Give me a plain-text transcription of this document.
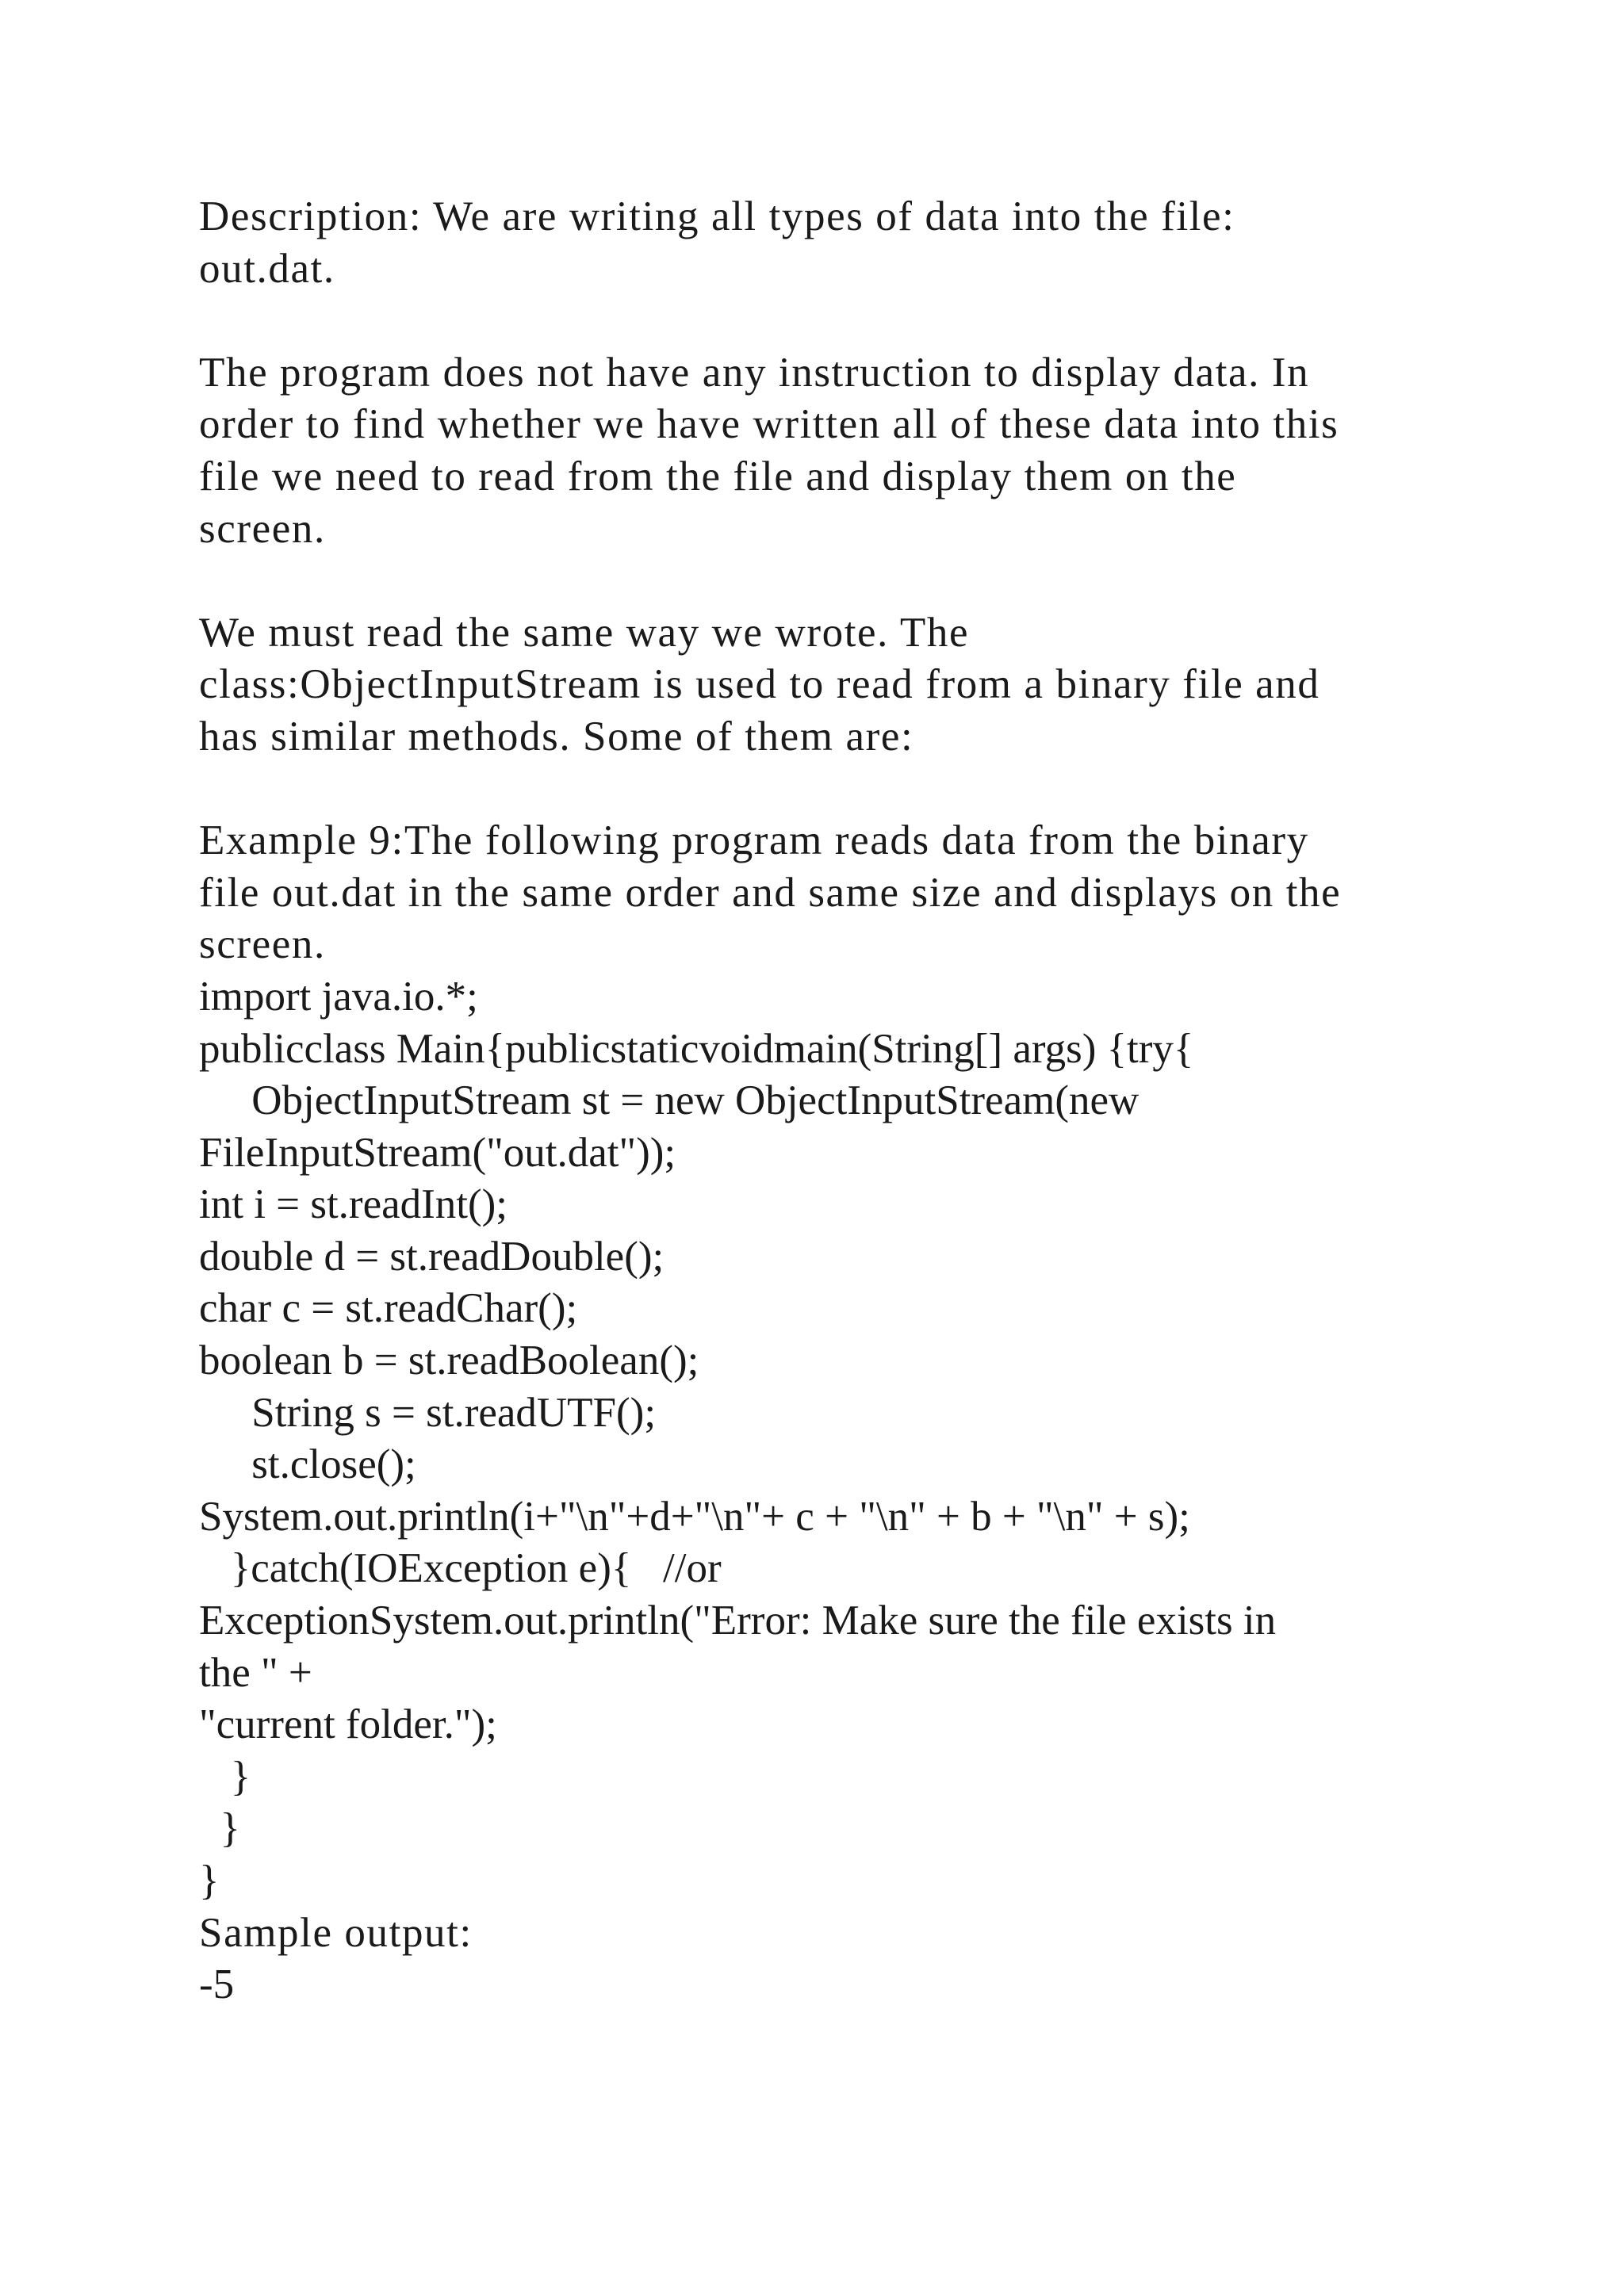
Description: We are writing all types of data into the file:
out.dat.
The program does not have any instruction to display data. In
order to find whether we have written all of these data into this
file we need to read from the file and display them on the
screen.
We must read the same way we wrote. The
class:ObjectInputStream is used to read from a binary file and
has similar methods. Some of them are:
Example 9:The following program reads data from the binary
file out.dat in the same order and same size and displays on the
screen.
import java.io.*;
publicclass Main{publicstaticvoidmain(String[] args) {try{
ObjectInputStream st = new ObjectInputStream(new
FileInputStream("out.dat"));
int i = st.readInt();
double d = st.readDouble();
char c = st.readChar();
boolean b = st.readBoolean();
String s = st.readUTF();
st.close();
System.out.println(i+"\n"+d+"\n"+ c + "\n" + b + "\n" + s);
}catch(IOException e){   //or
ExceptionSystem.out.println("Error: Make sure the file exists in
the " +
"current folder.");
}
}
}
Sample output:
-5
